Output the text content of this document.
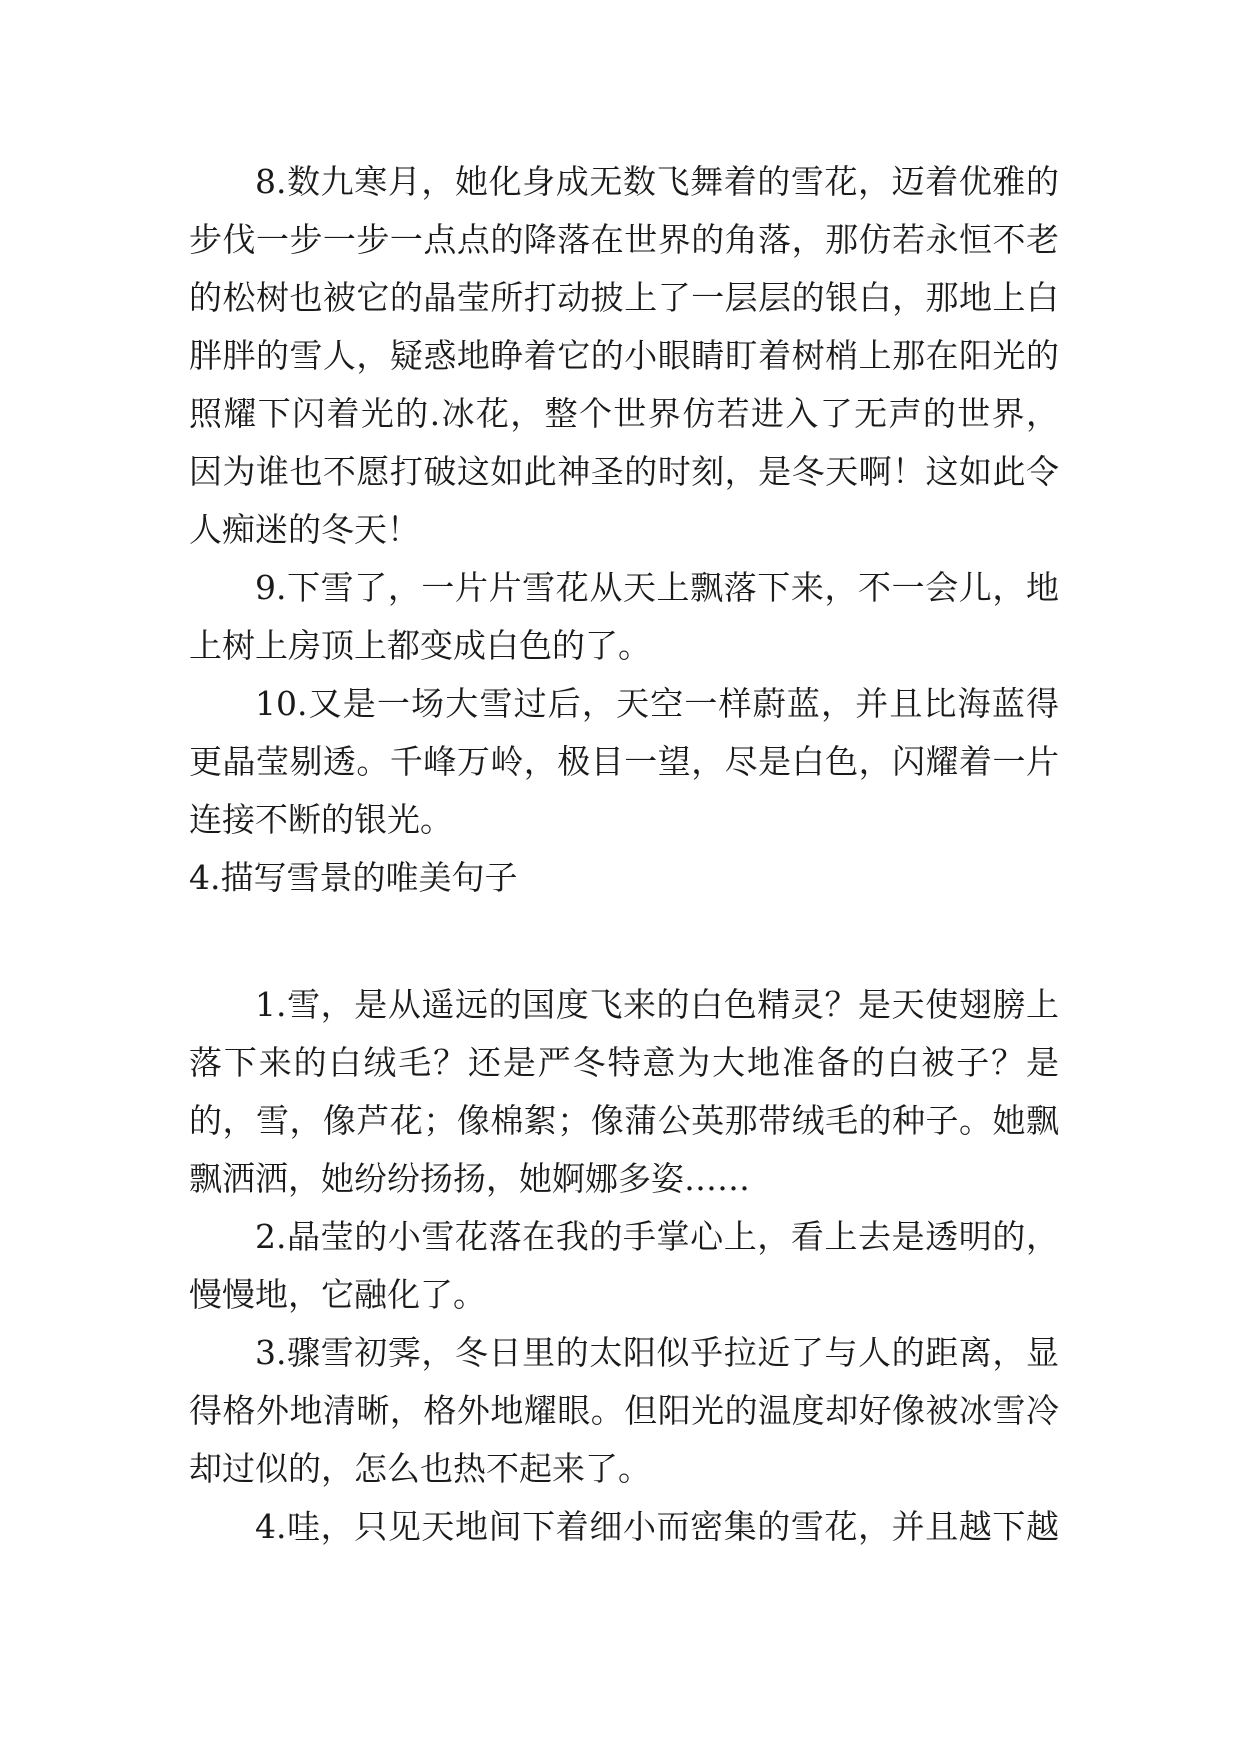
8.数九寒月，她化身成无数飞舞着的雪花，迈着优雅的
步伐一步一步一点点的降落在世界的角落，那仿若永恒不老
的松树也被它的晶莹所打动披上了一层层的银白，那地上白
胖胖的雪人，疑惑地睁着它的小眼睛盯着树梢上那在阳光的
照耀下闪着光的.冰花，整个世界仿若进入了无声的世界，
因为谁也不愿打破这如此神圣的时刻，是冬天啊！这如此令
人痴迷的冬天！
9.下雪了，一片片雪花从天上飘落下来，不一会儿，地
上树上房顶上都变成白色的了。
10.又是一场大雪过后，天空一样蔚蓝，并且比海蓝得
更晶莹剔透。千峰万岭，极目一望，尽是白色，闪耀着一片
连接不断的银光。
4.描写雪景的唯美句子
1.雪，是从遥远的国度飞来的白色精灵？是天使翅膀上
落下来的白绒毛？还是严冬特意为大地准备的白被子？是
的，雪，像芦花；像棉絮；像蒲公英那带绒毛的种子。她飘
飘洒洒，她纷纷扬扬，她婀娜多姿……
2.晶莹的小雪花落在我的手掌心上，看上去是透明的，
慢慢地，它融化了。
3.骤雪初霁，冬日里的太阳似乎拉近了与人的距离，显
得格外地清晰，格外地耀眼。但阳光的温度却好像被冰雪冷
却过似的，怎么也热不起来了。
4.哇，只见天地间下着细小而密集的雪花，并且越下越
